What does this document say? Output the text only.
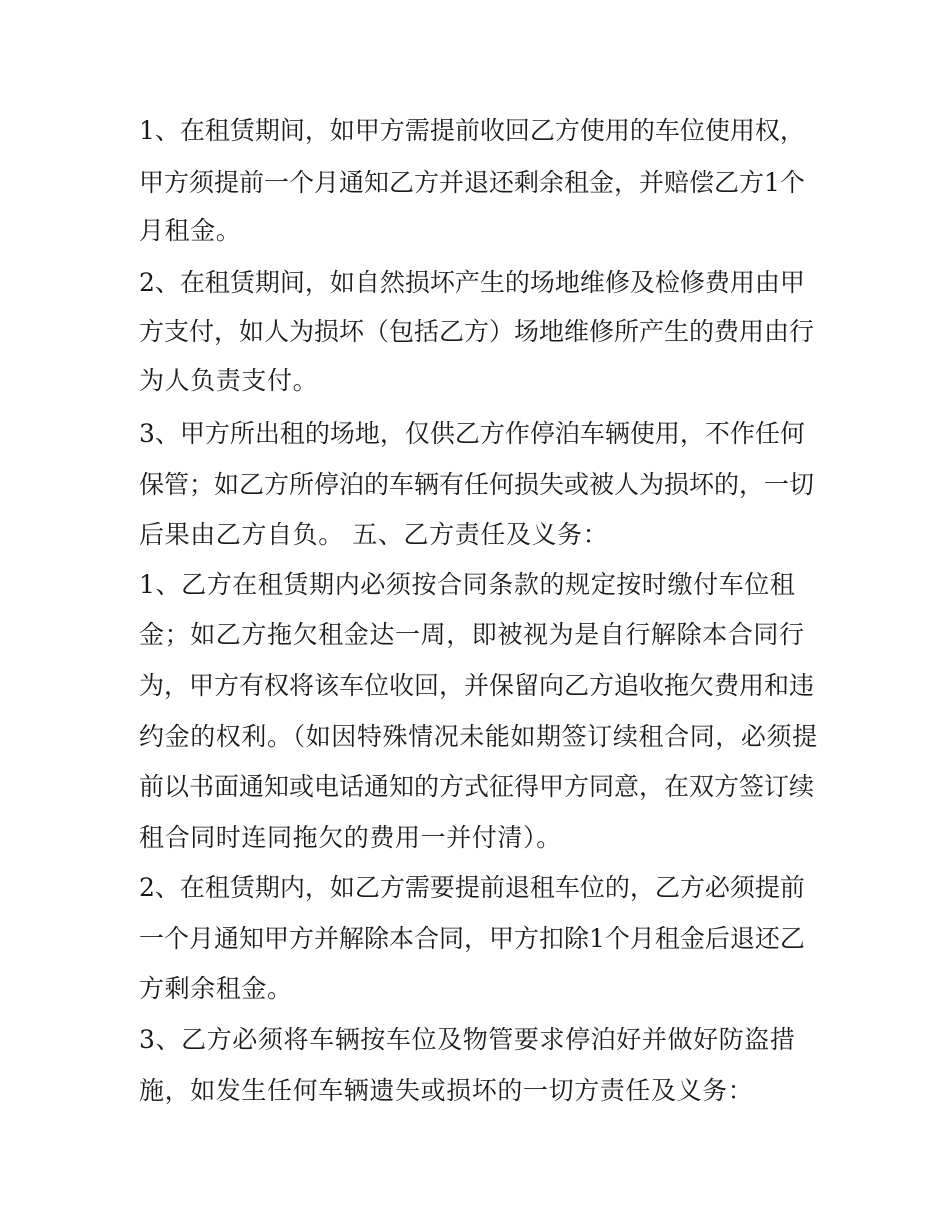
1、在租赁期间，如甲方需提前收回乙方使用的车位使用权，
甲方须提前一个月通知乙方并退还剩余租金，并赔偿乙方1个
月租金。
2、在租赁期间，如自然损坏产生的场地维修及检修费用由甲
方支付，如人为损坏（包括乙方）场地维修所产生的费用由行
为人负责支付。
3、甲方所出租的场地，仅供乙方作停泊车辆使用，不作任何
保管；如乙方所停泊的车辆有任何损失或被人为损坏的，一切
后果由乙方自负。 五、乙方责任及义务：
1、乙方在租赁期内必须按合同条款的规定按时缴付车位租
金；如乙方拖欠租金达一周，即被视为是自行解除本合同行
为，甲方有权将该车位收回，并保留向乙方追收拖欠费用和违
约金的权利。（如因特殊情况未能如期签订续租合同，必须提
前以书面通知或电话通知的方式征得甲方同意，在双方签订续
租合同时连同拖欠的费用一并付清）。
2、在租赁期内，如乙方需要提前退租车位的，乙方必须提前
一个月通知甲方并解除本合同，甲方扣除1个月租金后退还乙
方剩余租金。
3、乙方必须将车辆按车位及物管要求停泊好并做好防盗措
施，如发生任何车辆遗失或损坏的一切方责任及义务：
